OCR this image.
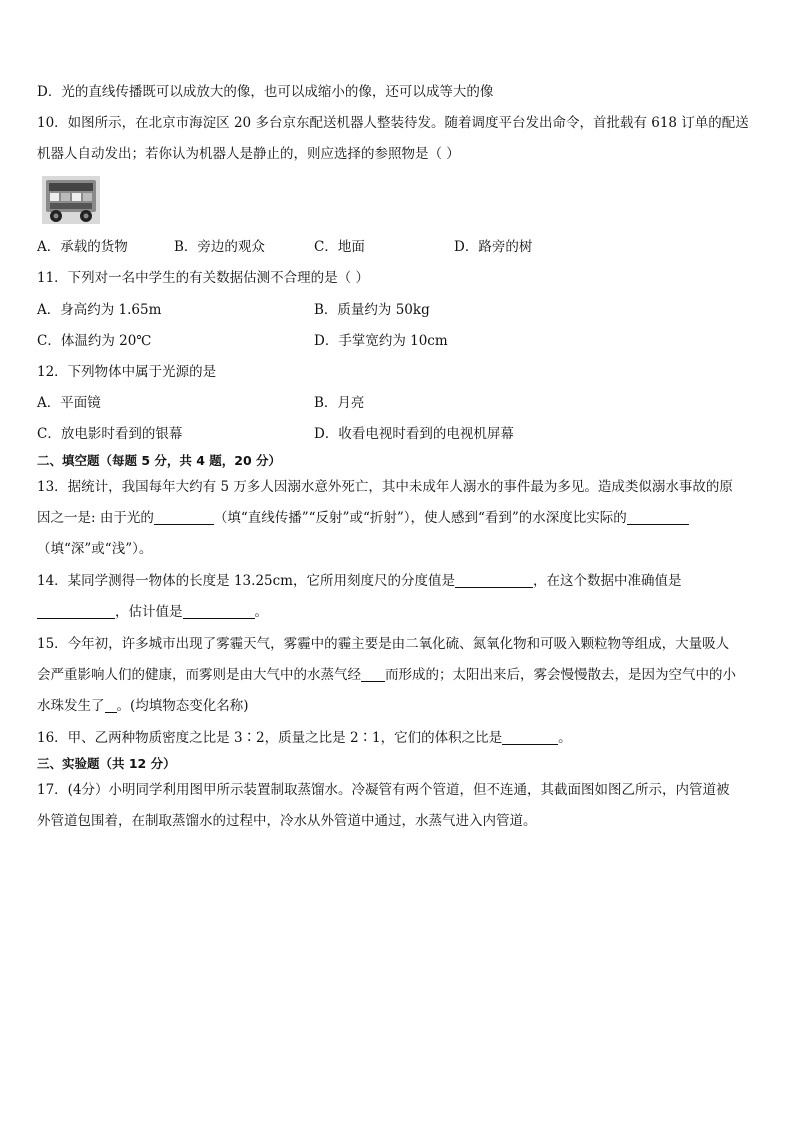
D．光的直线传播既可以成放大的像，也可以成缩小的像，还可以成等大的像
10．如图所示，在北京市海淀区 20 多台京东配送机器人整装待发。随着调度平台发出命令，首批载有 618 订单的配送
机器人自动发出；若你认为机器人是静止的，则应选择的参照物是（ ）
A．承载的货物	B．旁边的观众	C．地面	D．路旁的树
11．下列对一名中学生的有关数据估测不合理的是（ ）
A．身高约为 1.65m	B．质量约为 50kg
C．体温约为 20℃	D．手掌宽约为 10cm
12．下列物体中属于光源的是
A．平面镜	B．月亮
C．放电影时看到的银幕	D．收看电视时看到的电视机屏幕
二、填空题（每题 5 分，共 4 题，20 分）
13．据统计，我国每年大约有 5 万多人因溺水意外死亡，其中未成年人溺水的事件最为多见。造成类似溺水事故的原
因之一是: 由于光的	（填“直线传播”“反射”或“折射”），使人感到“看到”的水深度比实际的
（填“深”或“浅”）。
14．某同学测得一物体的长度是 13.25cm，它所用刻度尺的分度值是	，在这个数据中准确值是
，估计值是	。
15．今年初，许多城市出现了雾霾天气，雾霾中的霾主要是由二氧化硫、氮氧化物和可吸入颗粒物等组成，大量吸人
会严重影响人们的健康，而雾则是由大气中的水蒸气经 而形成的；太阳出来后，雾会慢慢散去，是因为空气中的小
水珠发生了 。(均填物态变化名称)
16．甲、乙两种物质密度之比是 3∶2，质量之比是 2∶1，它们的体积之比是	。
三、实验题（共 12 分）
17．(4分）小明同学利用图甲所示装置制取蒸馏水。冷凝管有两个管道，但不连通，其截面图如图乙所示，内管道被
外管道包围着，在制取蒸馏水的过程中，冷水从外管道中通过，水蒸气进入内管道。
